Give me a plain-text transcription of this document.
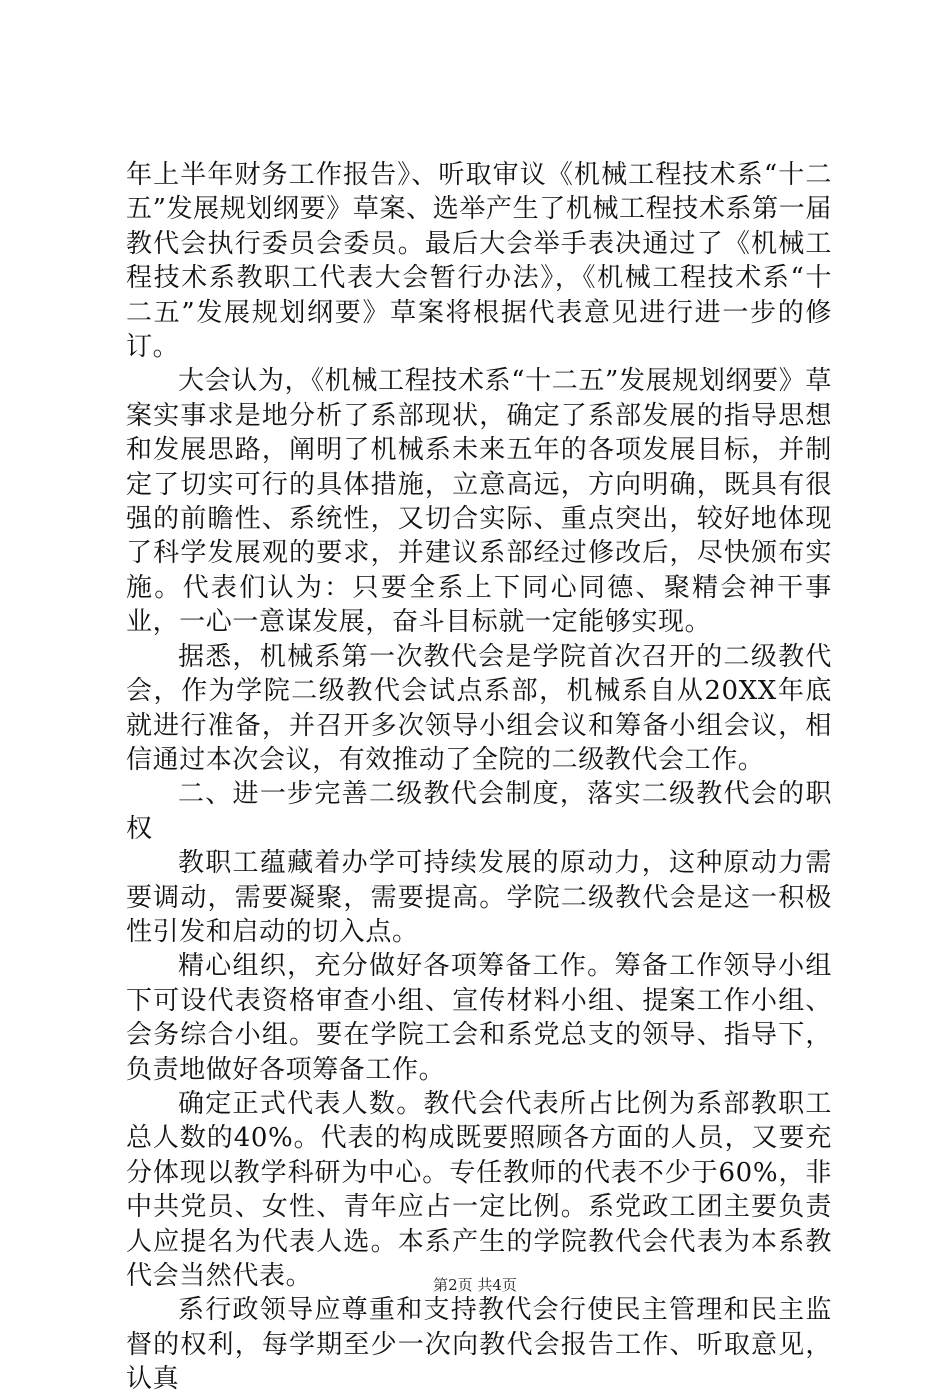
年上半年财务工作报告》、听取审议《机械工程技术系“十二五”发展规划纲要》草案、选举产生了机械工程技术系第一届教代会执行委员会委员。最后大会举手表决通过了《机械工程技术系教职工代表大会暂行办法》，《机械工程技术系“十二五”发展规划纲要》草案将根据代表意见进行进一步的修订。

大会认为，《机械工程技术系“十二五”发展规划纲要》草案实事求是地分析了系部现状，确定了系部发展的指导思想和发展思路，阐明了机械系未来五年的各项发展目标，并制定了切实可行的具体措施，立意高远，方向明确，既具有很强的前瞻性、系统性，又切合实际、重点突出，较好地体现了科学发展观的要求，并建议系部经过修改后，尽快颁布实施。代表们认为：只要全系上下同心同德、聚精会神干事业，一心一意谋发展，奋斗目标就一定能够实现。

据悉，机械系第一次教代会是学院首次召开的二级教代会，作为学院二级教代会试点系部，机械系自从20XX年底就进行准备，并召开多次领导小组会议和筹备小组会议，相信通过本次会议，有效推动了全院的二级教代会工作。

二、进一步完善二级教代会制度，落实二级教代会的职权

教职工蕴藏着办学可持续发展的原动力，这种原动力需要调动，需要凝聚，需要提高。学院二级教代会是这一积极性引发和启动的切入点。

精心组织，充分做好各项筹备工作。筹备工作领导小组下可设代表资格审查小组、宣传材料小组、提案工作小组、会务综合小组。要在学院工会和系党总支的领导、指导下，负责地做好各项筹备工作。

确定正式代表人数。教代会代表所占比例为系部教职工总人数的40%。代表的构成既要照顾各方面的人员，又要充分体现以教学科研为中心。专任教师的代表不少于60%，非中共党员、女性、青年应占一定比例。系党政工团主要负责人应提名为代表人选。本系产生的学院教代会代表为本系教代会当然代表。

系行政领导应尊重和支持教代会行使民主管理和民主监督的权利，每学期至少一次向教代会报告工作、听取意见，认真

第2页 共4页
